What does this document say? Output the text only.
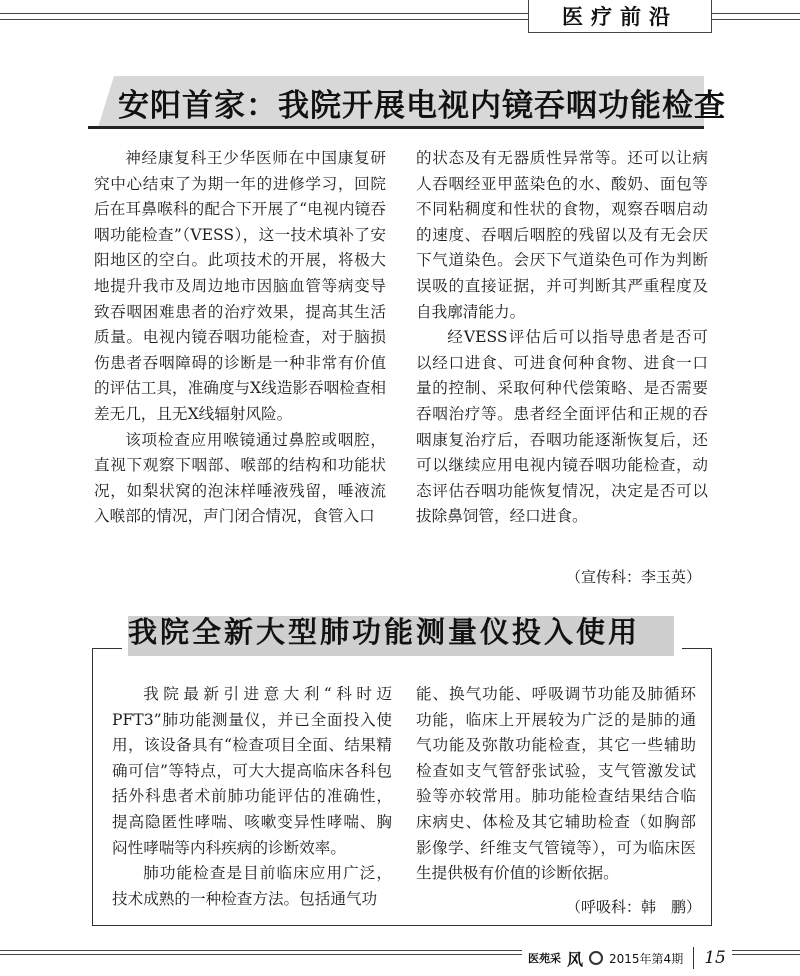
医疗前沿
安阳首家：我院开展电视内镜吞咽功能检查

神经康复科王少华医师在中国康复研究中心结束了为期一年的进修学习，回院后在耳鼻喉科的配合下开展了“电视内镜吞咽功能检查”（VESS），这一技术填补了安阳地区的空白。此项技术的开展，将极大地提升我市及周边地市因脑血管等病变导致吞咽困难患者的治疗效果，提高其生活质量。电视内镜吞咽功能检查，对于脑损伤患者吞咽障碍的诊断是一种非常有价值的评估工具，准确度与X线造影吞咽检查相差无几，且无X线辐射风险。

该项检查应用喉镜通过鼻腔或咽腔，直视下观察下咽部、喉部的结构和功能状况，如梨状窝的泡沫样唾液残留，唾液流入喉部的情况，声门闭合情况，食管入口

的状态及有无器质性异常等。还可以让病人吞咽经亚甲蓝染色的水、酸奶、面包等不同粘稠度和性状的食物，观察吞咽启动的速度、吞咽后咽腔的残留以及有无会厌下气道染色。会厌下气道染色可作为判断误吸的直接证据，并可判断其严重程度及自我廓清能力。

经VESS评估后可以指导患者是否可以经口进食、可进食何种食物、进食一口量的控制、采取何种代偿策略、是否需要吞咽治疗等。患者经全面评估和正规的吞咽康复治疗后，吞咽功能逐渐恢复后，还可以继续应用电视内镜吞咽功能检查，动态评估吞咽功能恢复情况，决定是否可以拔除鼻饲管，经口进食。

（宣传科：李玉英）
我院全新大型肺功能测量仪投入使用

我院最新引进意大利“科时迈PFT3”肺功能测量仪，并已全面投入使用，该设备具有“检查项目全面、结果精确可信”等特点，可大大提高临床各科包括外科患者术前肺功能评估的准确性，提高隐匿性哮喘、咳嗽变异性哮喘、胸闷性哮喘等内科疾病的诊断效率。

肺功能检查是目前临床应用广泛，技术成熟的一种检查方法。包括通气功

能、换气功能、呼吸调节功能及肺循环功能，临床上开展较为广泛的是肺的通气功能及弥散功能检查，其它一些辅助检查如支气管舒张试验，支气管激发试验等亦较常用。肺功能检查结果结合临床病史、体检及其它辅助检查（如胸部影像学、纤维支气管镜等），可为临床医生提供极有价值的诊断依据。

（呼吸科：韩　鹏）
医苑采 风 2015年第4期 15
